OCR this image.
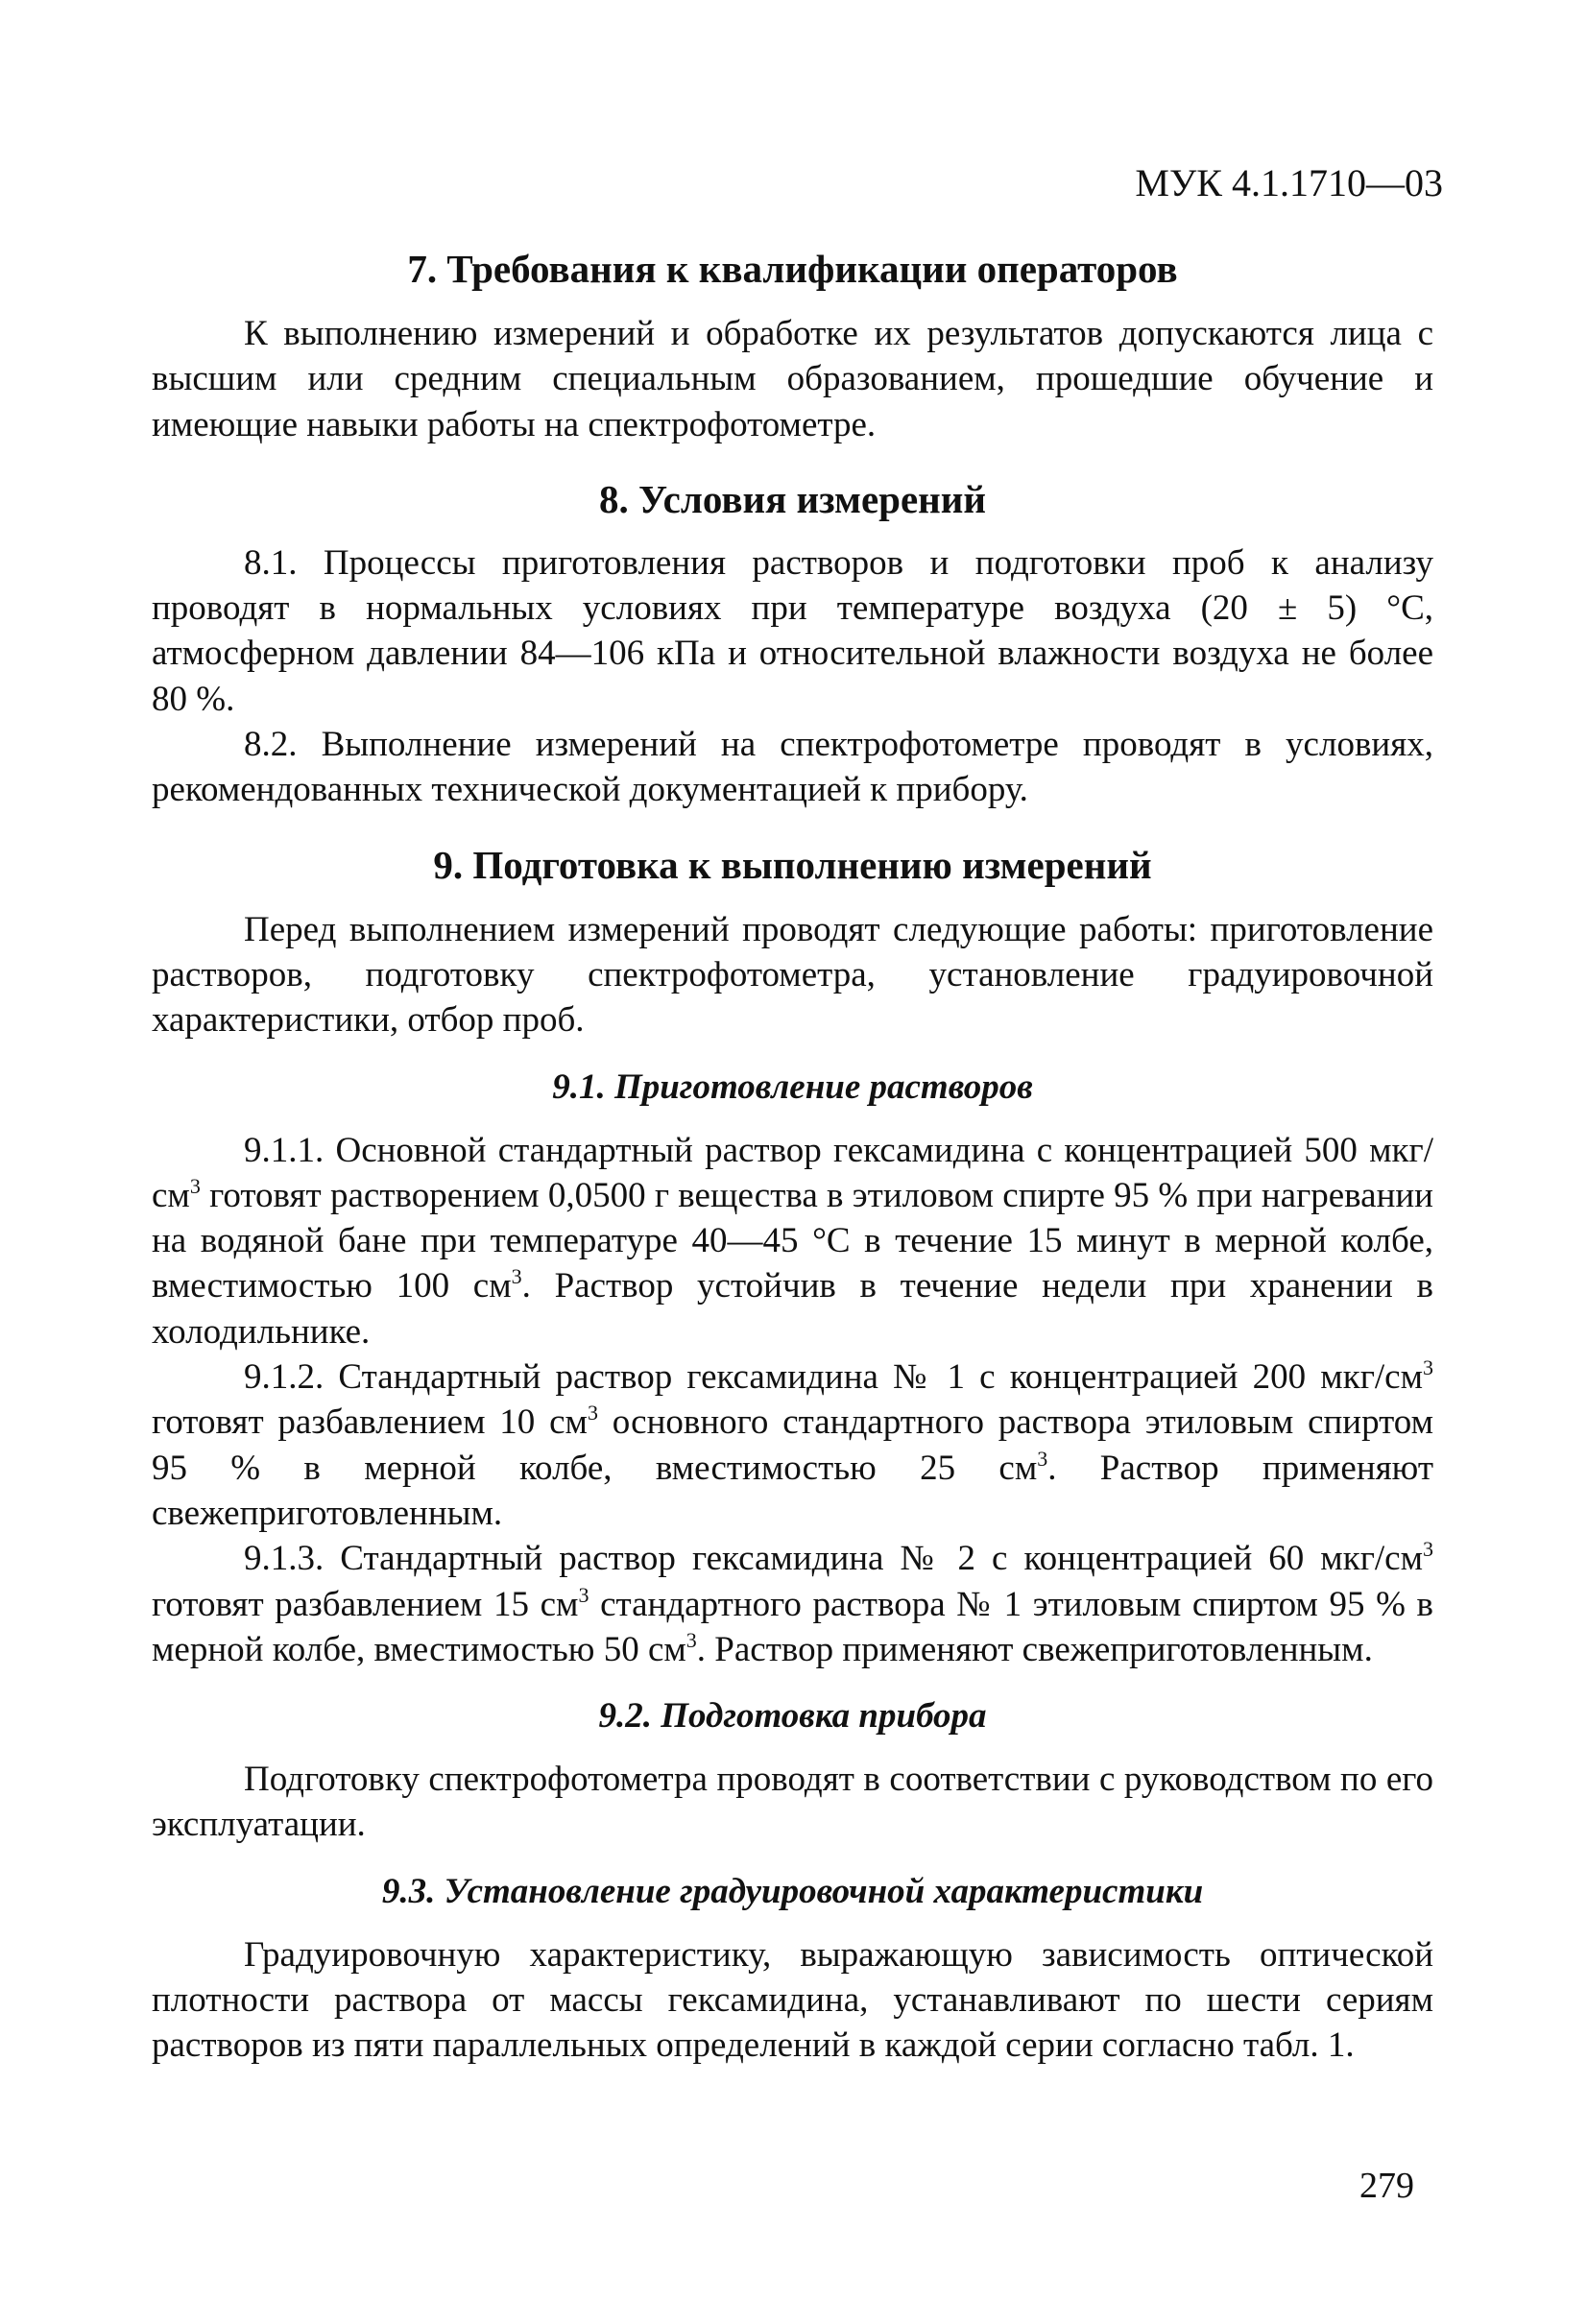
МУК 4.1.1710—03
7. Требования к квалификации операторов

К выполнению измерений и обработке их результатов допускаются лица с высшим или средним специальным образованием, прошедшие обучение и имеющие навыки работы на спектрофотометре.

8. Условия измерений

8.1. Процессы приготовления растворов и подготовки проб к анализу проводят в нормальных условиях при температуре воздуха (20 ± 5) °С, атмосферном давлении 84—106 кПа и относительной влажности воздуха не более 80 %.

8.2. Выполнение измерений на спектрофотометре проводят в условиях, рекомендованных технической документацией к прибору.

9. Подготовка к выполнению измерений

Перед выполнением измерений проводят следующие работы: приготовление растворов, подготовку спектрофотометра, установление градуировочной характеристики, отбор проб.

9.1. Приготовление растворов

9.1.1. Основной стандартный раствор гексамидина с концентрацией 500 мкг/$см^3$ готовят растворением 0,0500 г вещества в этиловом спирте 95 % при нагревании на водяной бане при температуре 40—45 °С в течение 15 минут в мерной колбе, вместимостью 100 $см^3$. Раствор устойчив в течение недели при хранении в холодильнике.

9.1.2. Стандартный раствор гексамидина № 1 с концентрацией 200 мкг/$см^3$ готовят разбавлением 10 $см^3$ основного стандартного раствора этиловым спиртом 95 % в мерной колбе, вместимостью 25 $см^3$. Раствор применяют свежеприготовленным.

9.1.3. Стандартный раствор гексамидина № 2 с концентрацией 60 мкг/$см^3$ готовят разбавлением 15 $см^3$ стандартного раствора № 1 этиловым спиртом 95 % в мерной колбе, вместимостью 50 $см^3$. Раствор применяют свежеприготовленным.

9.2. Подготовка прибора

Подготовку спектрофотометра проводят в соответствии с руководством по его эксплуатации.

9.3. Установление градуировочной характеристики

Градуировочную характеристику, выражающую зависимость оптической плотности раствора от массы гексамидина, устанавливают по шести сериям растворов из пяти параллельных определений в каждой серии согласно табл. 1.

279
